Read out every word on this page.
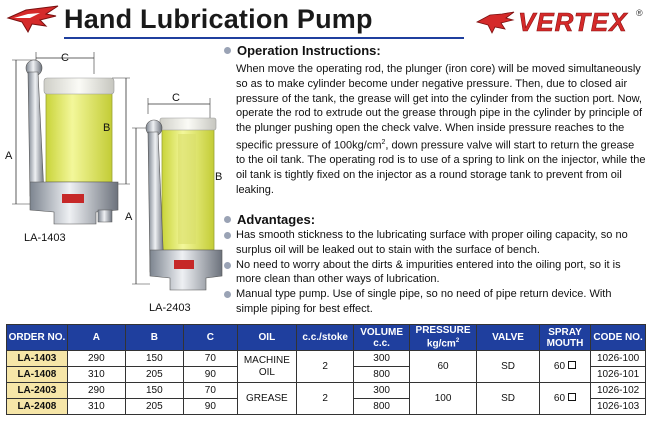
Hand Lubrication Pump	VERTEX ®
C
A
B
LA-1403
C
A
B
LA-2403
Operation Instructions:
When move the operating rod, the plunger (iron core) will be moved simultaneously so as to make cylinder become under negative pressure. Then, due to closed air pressure of the tank, the grease will get into the cylinder from the suction port. Now, operate the rod to extrude out the grease through pipe in the cylinder by principle of the plunger pushing open the check valve. When inside pressure reaches to the specific pressure of $100kg/cm^2$, down pressure valve will start to return the grease to the oil tank. The operating rod is to use of a spring to link on the injector, while the oil tank is tightly fixed on the injector as a round storage tank to prevent from oil leaking.
Advantages:
Has smooth stickness to the lubricating surface with proper oiling capacity, so no surplus oil will be leaked out to stain with the surface of bench.
No need to worry about the dirts & impurities entered into the oiling port, so it is more clean than other ways of lubrication.
Manual type pump. Use of single pipe, so no need of pipe return device. With simple piping for best effect.
ORDER NO.	A	B	C	OIL	c.c./stoke	VOLUME c.c.	PRESSURE
$kg/cm^2$	VALVE	SPRAY MOUTH	CODE NO.
LA-1403	290	150	70	MACHINE OIL	2	300	60	SD	60	1026-100
LA-1408	310	205	90			800				1026-101
LA-2403	290	150	70	GREASE	2	300	100	SD	60	1026-102
LA-2408	310	205	90			800				1026-103
